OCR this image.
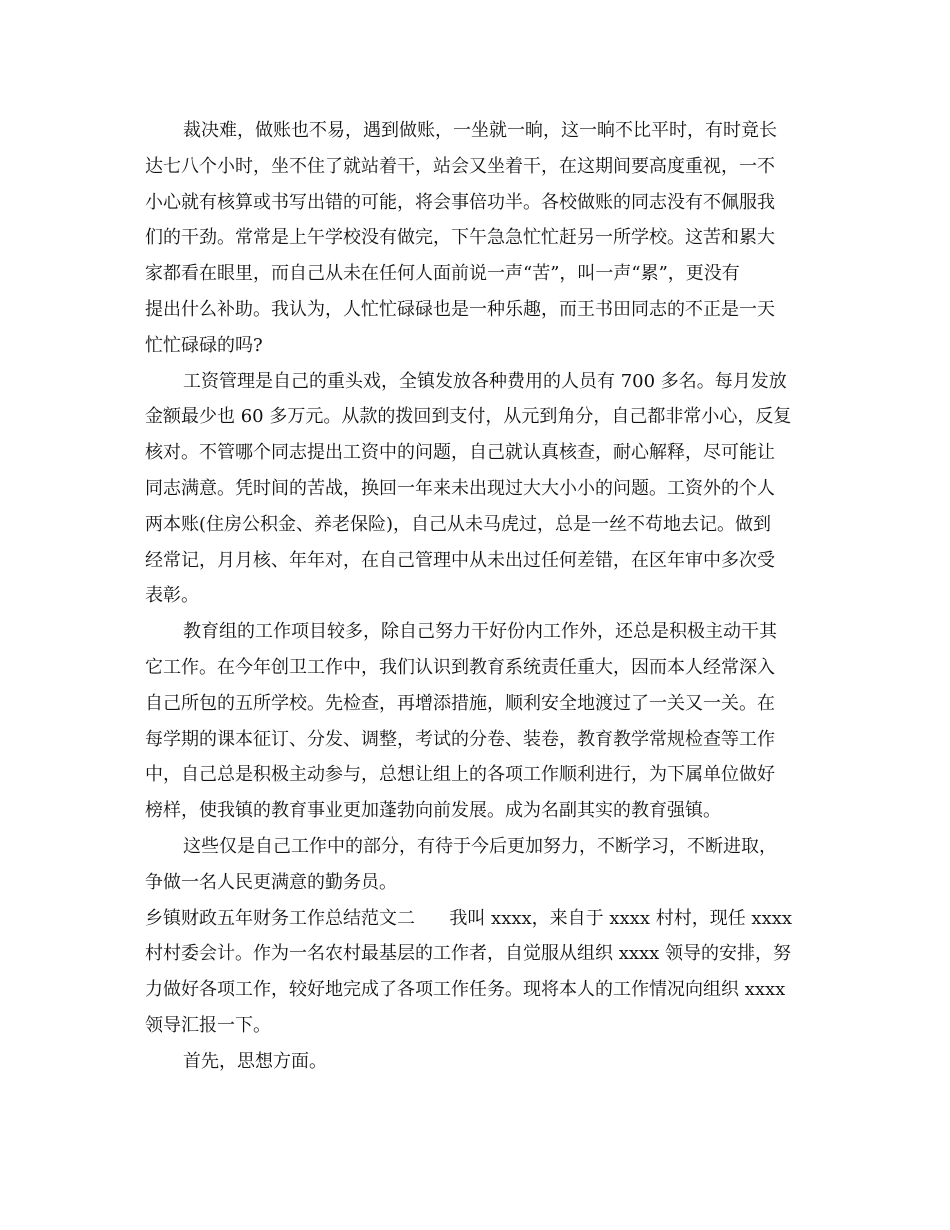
裁决难，做账也不易，遇到做账，一坐就一晌，这一晌不比平时，有时竟长
达七八个小时，坐不住了就站着干，站会又坐着干，在这期间要高度重视，一不
小心就有核算或书写出错的可能，将会事倍功半。各校做账的同志没有不佩服我
们的干劲。常常是上午学校没有做完，下午急急忙忙赶另一所学校。这苦和累大
家都看在眼里，而自己从未在任何人面前说一声“苦”，叫一声“累”，更没有
提出什么补助。我认为，人忙忙碌碌也是一种乐趣，而王书田同志的不正是一天
忙忙碌碌的吗?
工资管理是自己的重头戏，全镇发放各种费用的人员有 700 多名。每月发放
金额最少也 60 多万元。从款的拨回到支付，从元到角分，自己都非常小心，反复
核对。不管哪个同志提出工资中的问题，自己就认真核查，耐心解释，尽可能让
同志满意。凭时间的苦战，换回一年来未出现过大大小小的问题。工资外的个人
两本账(住房公积金、养老保险)，自己从未马虎过，总是一丝不苟地去记。做到
经常记，月月核、年年对，在自己管理中从未出过任何差错，在区年审中多次受
表彰。
教育组的工作项目较多，除自己努力干好份内工作外，还总是积极主动干其
它工作。在今年创卫工作中，我们认识到教育系统责任重大，因而本人经常深入
自己所包的五所学校。先检查，再增添措施，顺利安全地渡过了一关又一关。在
每学期的课本征订、分发、调整，考试的分卷、装卷，教育教学常规检查等工作
中，自己总是积极主动参与，总想让组上的各项工作顺利进行，为下属单位做好
榜样，使我镇的教育事业更加蓬勃向前发展。成为名副其实的教育强镇。
这些仅是自己工作中的部分，有待于今后更加努力，不断学习，不断进取，
争做一名人民更满意的勤务员。
乡镇财政五年财务工作总结范文二      我叫 xxxx，来自于 xxxx 村村，现任 xxxx
村村委会计。作为一名农村最基层的工作者，自觉服从组织 xxxx 领导的安排，努
力做好各项工作，较好地完成了各项工作任务。现将本人的工作情况向组织 xxxx
领导汇报一下。
首先，思想方面。
